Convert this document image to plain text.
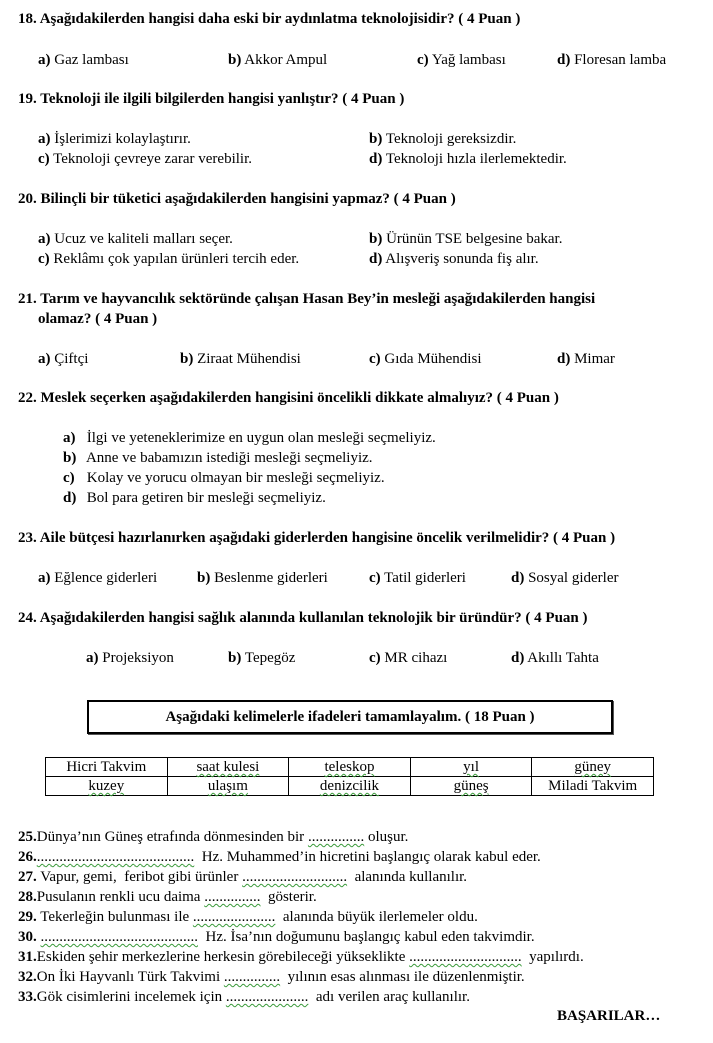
18. Aşağıdakilerden hangisi daha eski bir aydınlatma teknolojisidir? ( 4 Puan )
a) Gaz lambası	b) Akkor Ampul	c) Yağ lambası	d) Floresan lamba
19. Teknoloji ile ilgili bilgilerden hangisi yanlıştır? ( 4 Puan )
a) İşlerimizi kolaylaştırır.	b) Teknoloji gereksizdir.
c) Teknoloji çevreye zarar verebilir.	d) Teknoloji hızla ilerlemektedir.
20. Bilinçli bir tüketici aşağıdakilerden hangisini yapmaz? ( 4 Puan )
a) Ucuz ve kaliteli malları seçer.	b) Ürünün TSE belgesine bakar.
c) Reklâmı çok yapılan ürünleri tercih eder.	d) Alışveriş sonunda fiş alır.
21. Tarım ve hayvancılık sektöründe çalışan Hasan Bey’in mesleği aşağıdakilerden hangisi
olamaz? ( 4 Puan )
a) Çiftçi	b) Ziraat Mühendisi	c) Gıda Mühendisi	d) Mimar
22. Meslek seçerken aşağıdakilerden hangisini öncelikli dikkate almalıyız? ( 4 Puan )
a) İlgi ve yeteneklerimize en uygun olan mesleği seçmeliyiz.
b) Anne ve babamızın istediği mesleği seçmeliyiz.
c) Kolay ve yorucu olmayan bir mesleği seçmeliyiz.
d) Bol para getiren bir mesleği seçmeliyiz.
23. Aile bütçesi hazırlanırken aşağıdaki giderlerden hangisine öncelik verilmelidir? ( 4 Puan )
a) Eğlence giderleri	b) Beslenme giderleri	c) Tatil giderleri	d) Sosyal giderler
24. Aşağıdakilerden hangisi sağlık alanında kullanılan teknolojik bir üründür? ( 4 Puan )
a) Projeksiyon	b) Tepegöz	c) MR cihazı	d) Akıllı Tahta
Aşağıdaki kelimelerle ifadeleri tamamlayalım. ( 18 Puan )
Hicri Takvim	saat kulesi	teleskop	yıl	güney
kuzey	ulaşım	denizcilik	güneş	Miladi Takvim
25.Dünya’nın Güneş etrafında dönmesinden bir ............... oluşur.
26...........................................  Hz. Muhammed’in hicretini başlangıç olarak kabul eder.
27. Vapur, gemi,  feribot gibi ürünler ............................  alanında kullanılır.
28.Pusulanın renkli ucu daima ...............  gösterir.
29. Tekerleğin bulunması ile ......................  alanında büyük ilerlemeler oldu.
30. ..........................................  Hz. İsa’nın doğumunu başlangıç kabul eden takvimdir.
31.Eskiden şehir merkezlerine herkesin görebileceği yükseklikte ..............................  yapılırdı.
32.On İki Hayvanlı Türk Takvimi ...............  yılının esas alınması ile düzenlenmiştir.
33.Gök cisimlerini incelemek için ......................  adı verilen araç kullanılır.
BAŞARILAR…
